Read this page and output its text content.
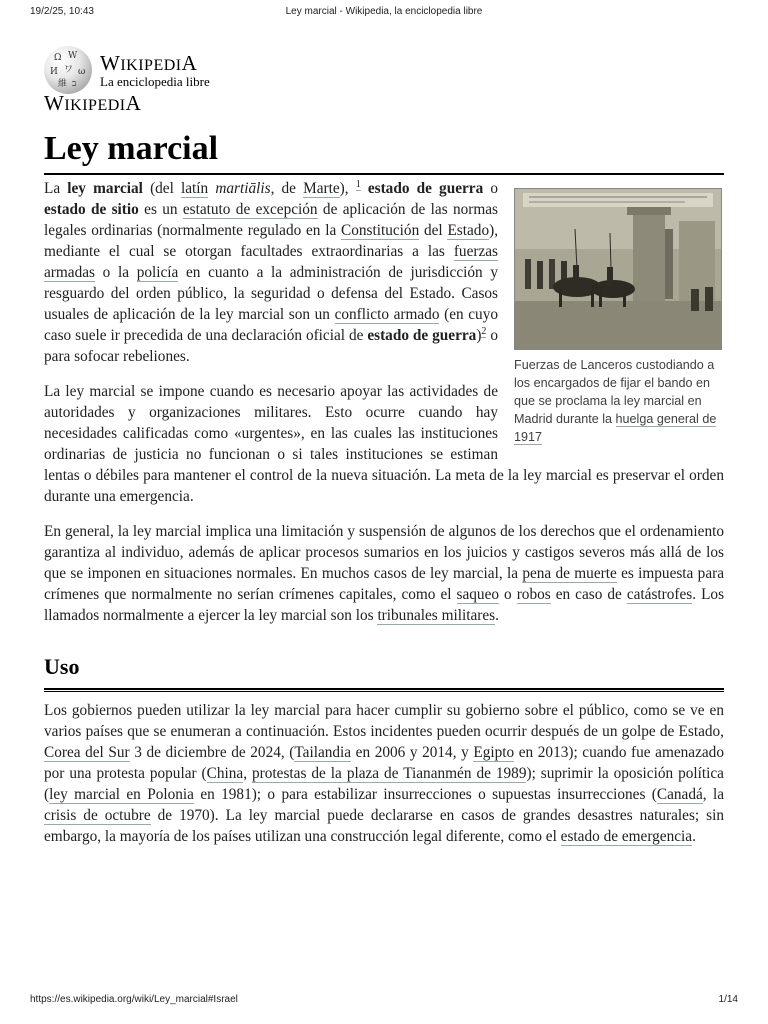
19/2/25, 10:43	Ley marcial - Wikipedia, la enciclopedia libre
Ω W
И ワ ω
維 ב
WIKIPEDIA
La enciclopedia libre
WIKIPEDIA
Ley marcial
Fuerzas de Lanceros custodiando a los encargados de fijar el bando en que se proclama la ley marcial en Madrid durante la huelga general de 1917

La ley marcial (del latín martiālis, de Marte), $^1$ estado de guerra o estado de sitio es un estatuto de excepción de aplicación de las normas legales ordinarias (normalmente regulado en la Constitución del Estado), mediante el cual se otorgan facultades extraordinarias a las fuerzas armadas o la policía en cuanto a la administración de jurisdicción y resguardo del orden público, la seguridad o defensa del Estado. Casos usuales de aplicación de la ley marcial son un conflicto armado (en cuyo caso suele ir precedida de una declaración oficial de estado de guerra)$^2$ o para sofocar rebeliones.

La ley marcial se impone cuando es necesario apoyar las actividades de autoridades y organizaciones militares. Esto ocurre cuando hay necesidades calificadas como «urgentes», en las cuales las instituciones ordinarias de justicia no funcionan o si tales instituciones se estiman lentas o débiles para mantener el control de la nueva situación. La meta de la ley marcial es preservar el orden durante una emergencia.

En general, la ley marcial implica una limitación y suspensión de algunos de los derechos que el ordenamiento garantiza al individuo, además de aplicar procesos sumarios en los juicios y castigos severos más allá de los que se imponen en situaciones normales. En muchos casos de ley marcial, la pena de muerte es impuesta para crímenes que normalmente no serían crímenes capitales, como el saqueo o robos en caso de catástrofes. Los llamados normalmente a ejercer la ley marcial son los tribunales militares.

Uso

Los gobiernos pueden utilizar la ley marcial para hacer cumplir su gobierno sobre el público, como se ve en varios países que se enumeran a continuación. Estos incidentes pueden ocurrir después de un golpe de Estado, Corea del Sur 3 de diciembre de 2024, (Tailandia en 2006 y 2014, y Egipto en 2013); cuando fue amenazado por una protesta popular (China, protestas de la plaza de Tiananmén de 1989); suprimir la oposición política (ley marcial en Polonia en 1981); o para estabilizar insurrecciones o supuestas insurrecciones (Canadá, la crisis de octubre de 1970). La ley marcial puede declararse en casos de grandes desastres naturales; sin embargo, la mayoría de los países utilizan una construcción legal diferente, como el estado de emergencia.

https://es.wikipedia.org/wiki/Ley_marcial#Israel	1/14
